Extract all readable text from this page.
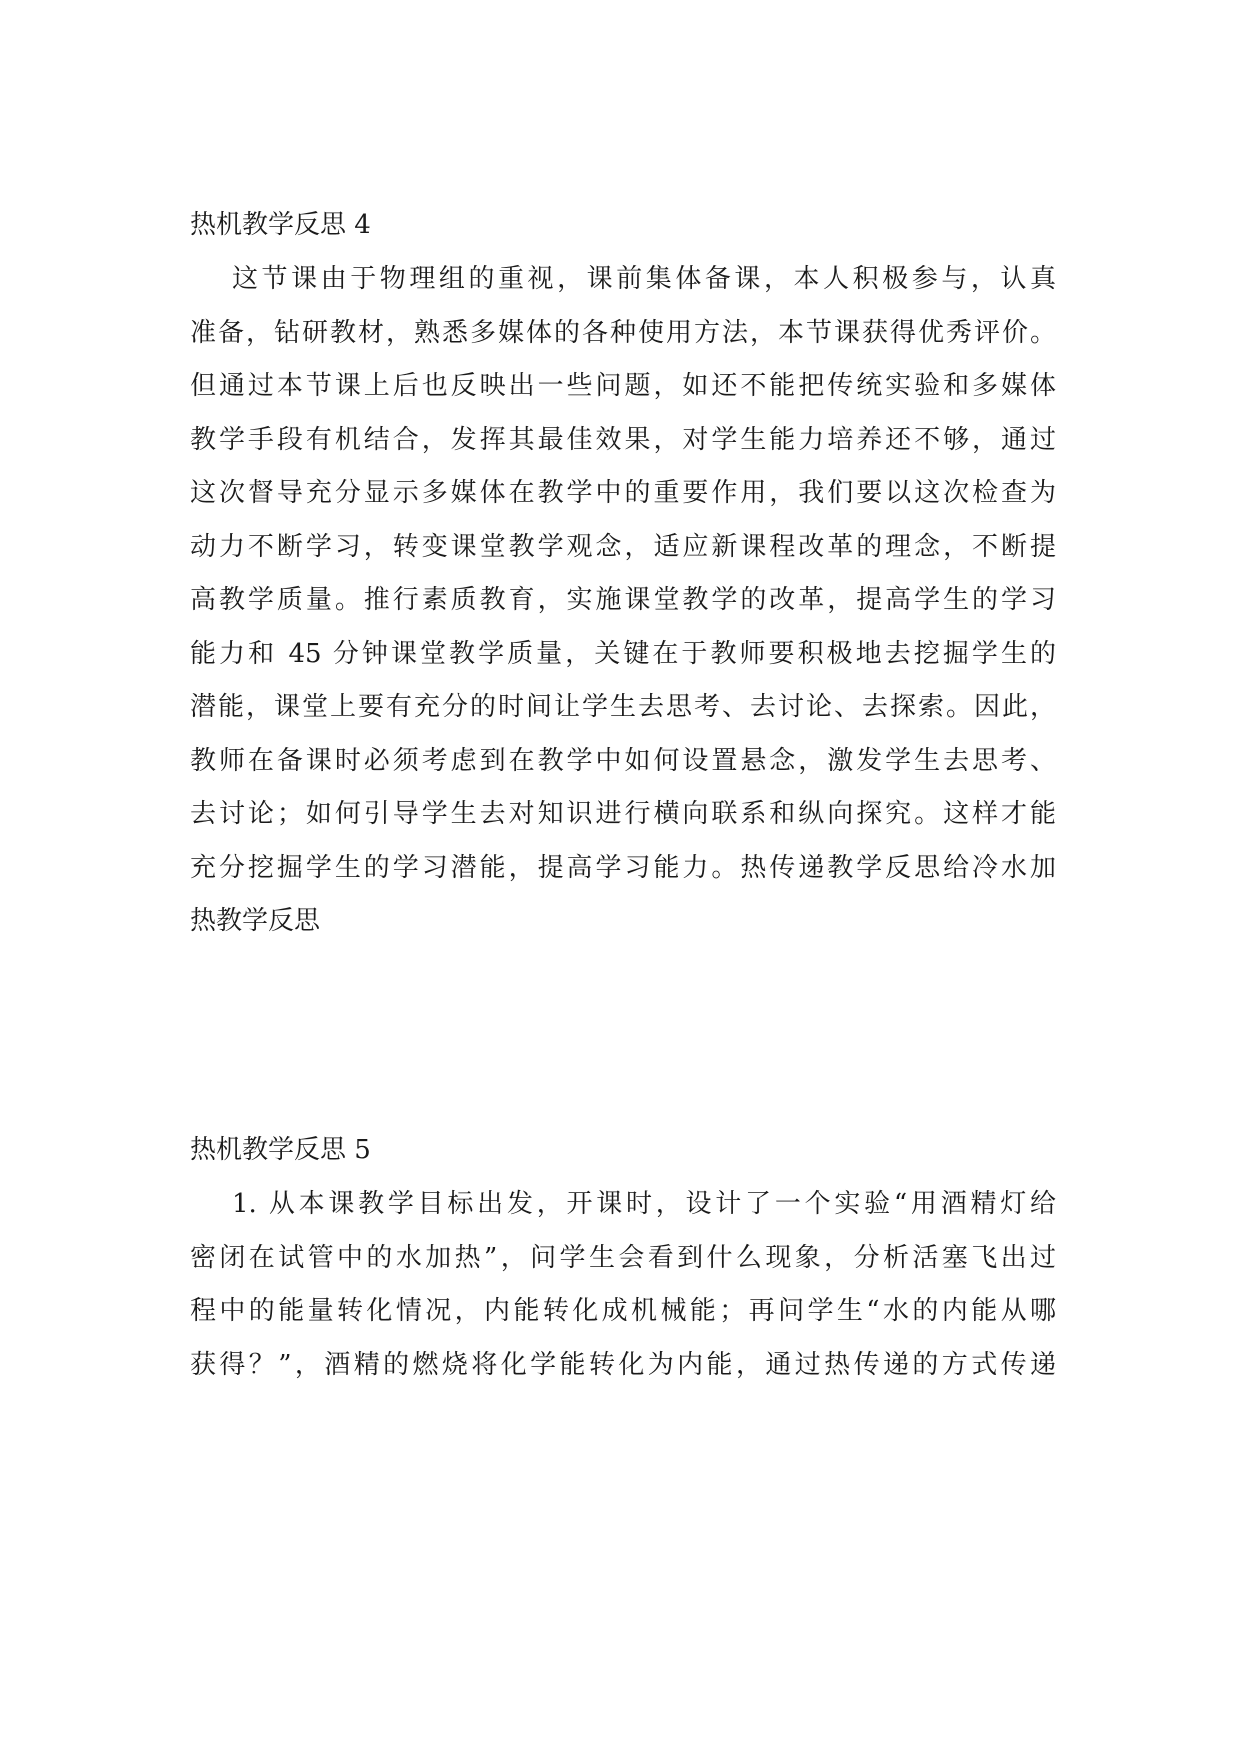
热机教学反思 4
这节课由于物理组的重视，课前集体备课，本人积极参与，认真
准备，钻研教材，熟悉多媒体的各种使用方法，本节课获得优秀评价。
但通过本节课上后也反映出一些问题，如还不能把传统实验和多媒体
教学手段有机结合，发挥其最佳效果，对学生能力培养还不够，通过
这次督导充分显示多媒体在教学中的重要作用，我们要以这次检查为
动力不断学习，转变课堂教学观念，适应新课程改革的理念，不断提
高教学质量。推行素质教育，实施课堂教学的改革，提高学生的学习
能力和 45 分钟课堂教学质量，关键在于教师要积极地去挖掘学生的
潜能，课堂上要有充分的时间让学生去思考、去讨论、去探索。因此，
教师在备课时必须考虑到在教学中如何设置悬念，激发学生去思考、
去讨论；如何引导学生去对知识进行横向联系和纵向探究。这样才能
充分挖掘学生的学习潜能，提高学习能力。热传递教学反思给冷水加
热教学反思
热机教学反思 5
1. 从本课教学目标出发，开课时，设计了一个实验“用酒精灯给
密闭在试管中的水加热”，问学生会看到什么现象，分析活塞飞出过
程中的能量转化情况，内能转化成机械能；再问学生“水的内能从哪
获得？”，酒精的燃烧将化学能转化为内能，通过热传递的方式传递
